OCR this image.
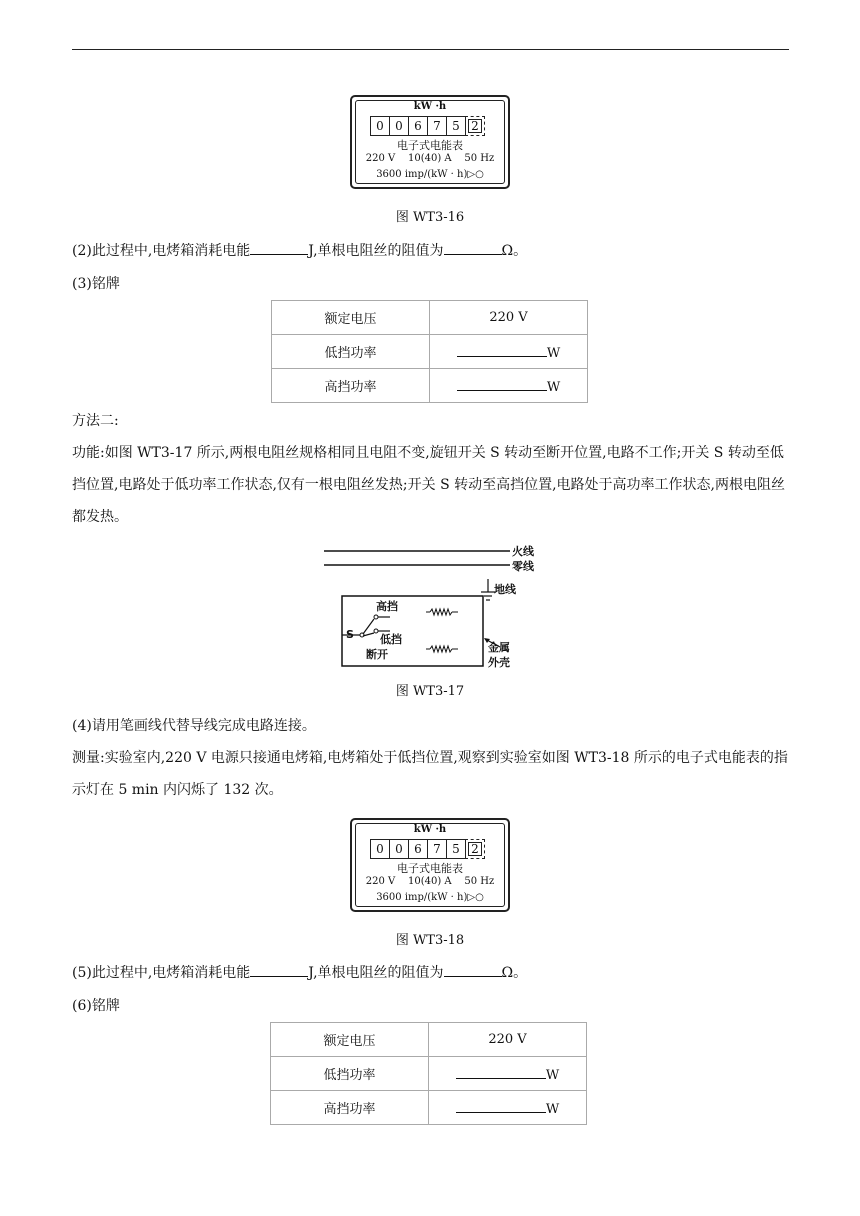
kW ·h
0 0 6 7 5 2
电子式电能表
220 V    10(40) A    50 Hz
3600 imp/(kW · h)▷○
图 WT3-16
(2)此过程中,电烤箱消耗电能	J,单根电阻丝的阻值为	Ω。
(3)铭牌
额定电压	220 V
低挡功率	W
高挡功率	W
方法二:
功能:如图 WT3-17 所示,两根电阻丝规格相同且电阻不变,旋钮开关 S 转动至断开位置,电路不工作;开关 S 转动至低挡位置,电路处于低功率工作状态,仅有一根电阻丝发热;开关 S 转动至高挡位置,电路处于高功率工作状态,两根电阻丝都发热。
火线
零线
地线
高挡
S 低挡
断开
金属
外壳
图 WT3-17
(4)请用笔画线代替导线完成电路连接。
测量:实验室内,220 V 电源只接通电烤箱,电烤箱处于低挡位置,观察到实验室如图 WT3-18 所示的电子式电能表的指示灯在 5 min 内闪烁了 132 次。
kW ·h
0 0 6 7 5 2
电子式电能表
220 V    10(40) A    50 Hz
3600 imp/(kW · h)▷○
图 WT3-18
(5)此过程中,电烤箱消耗电能	J,单根电阻丝的阻值为	Ω。
(6)铭牌
额定电压	220 V
低挡功率	W
高挡功率	W
